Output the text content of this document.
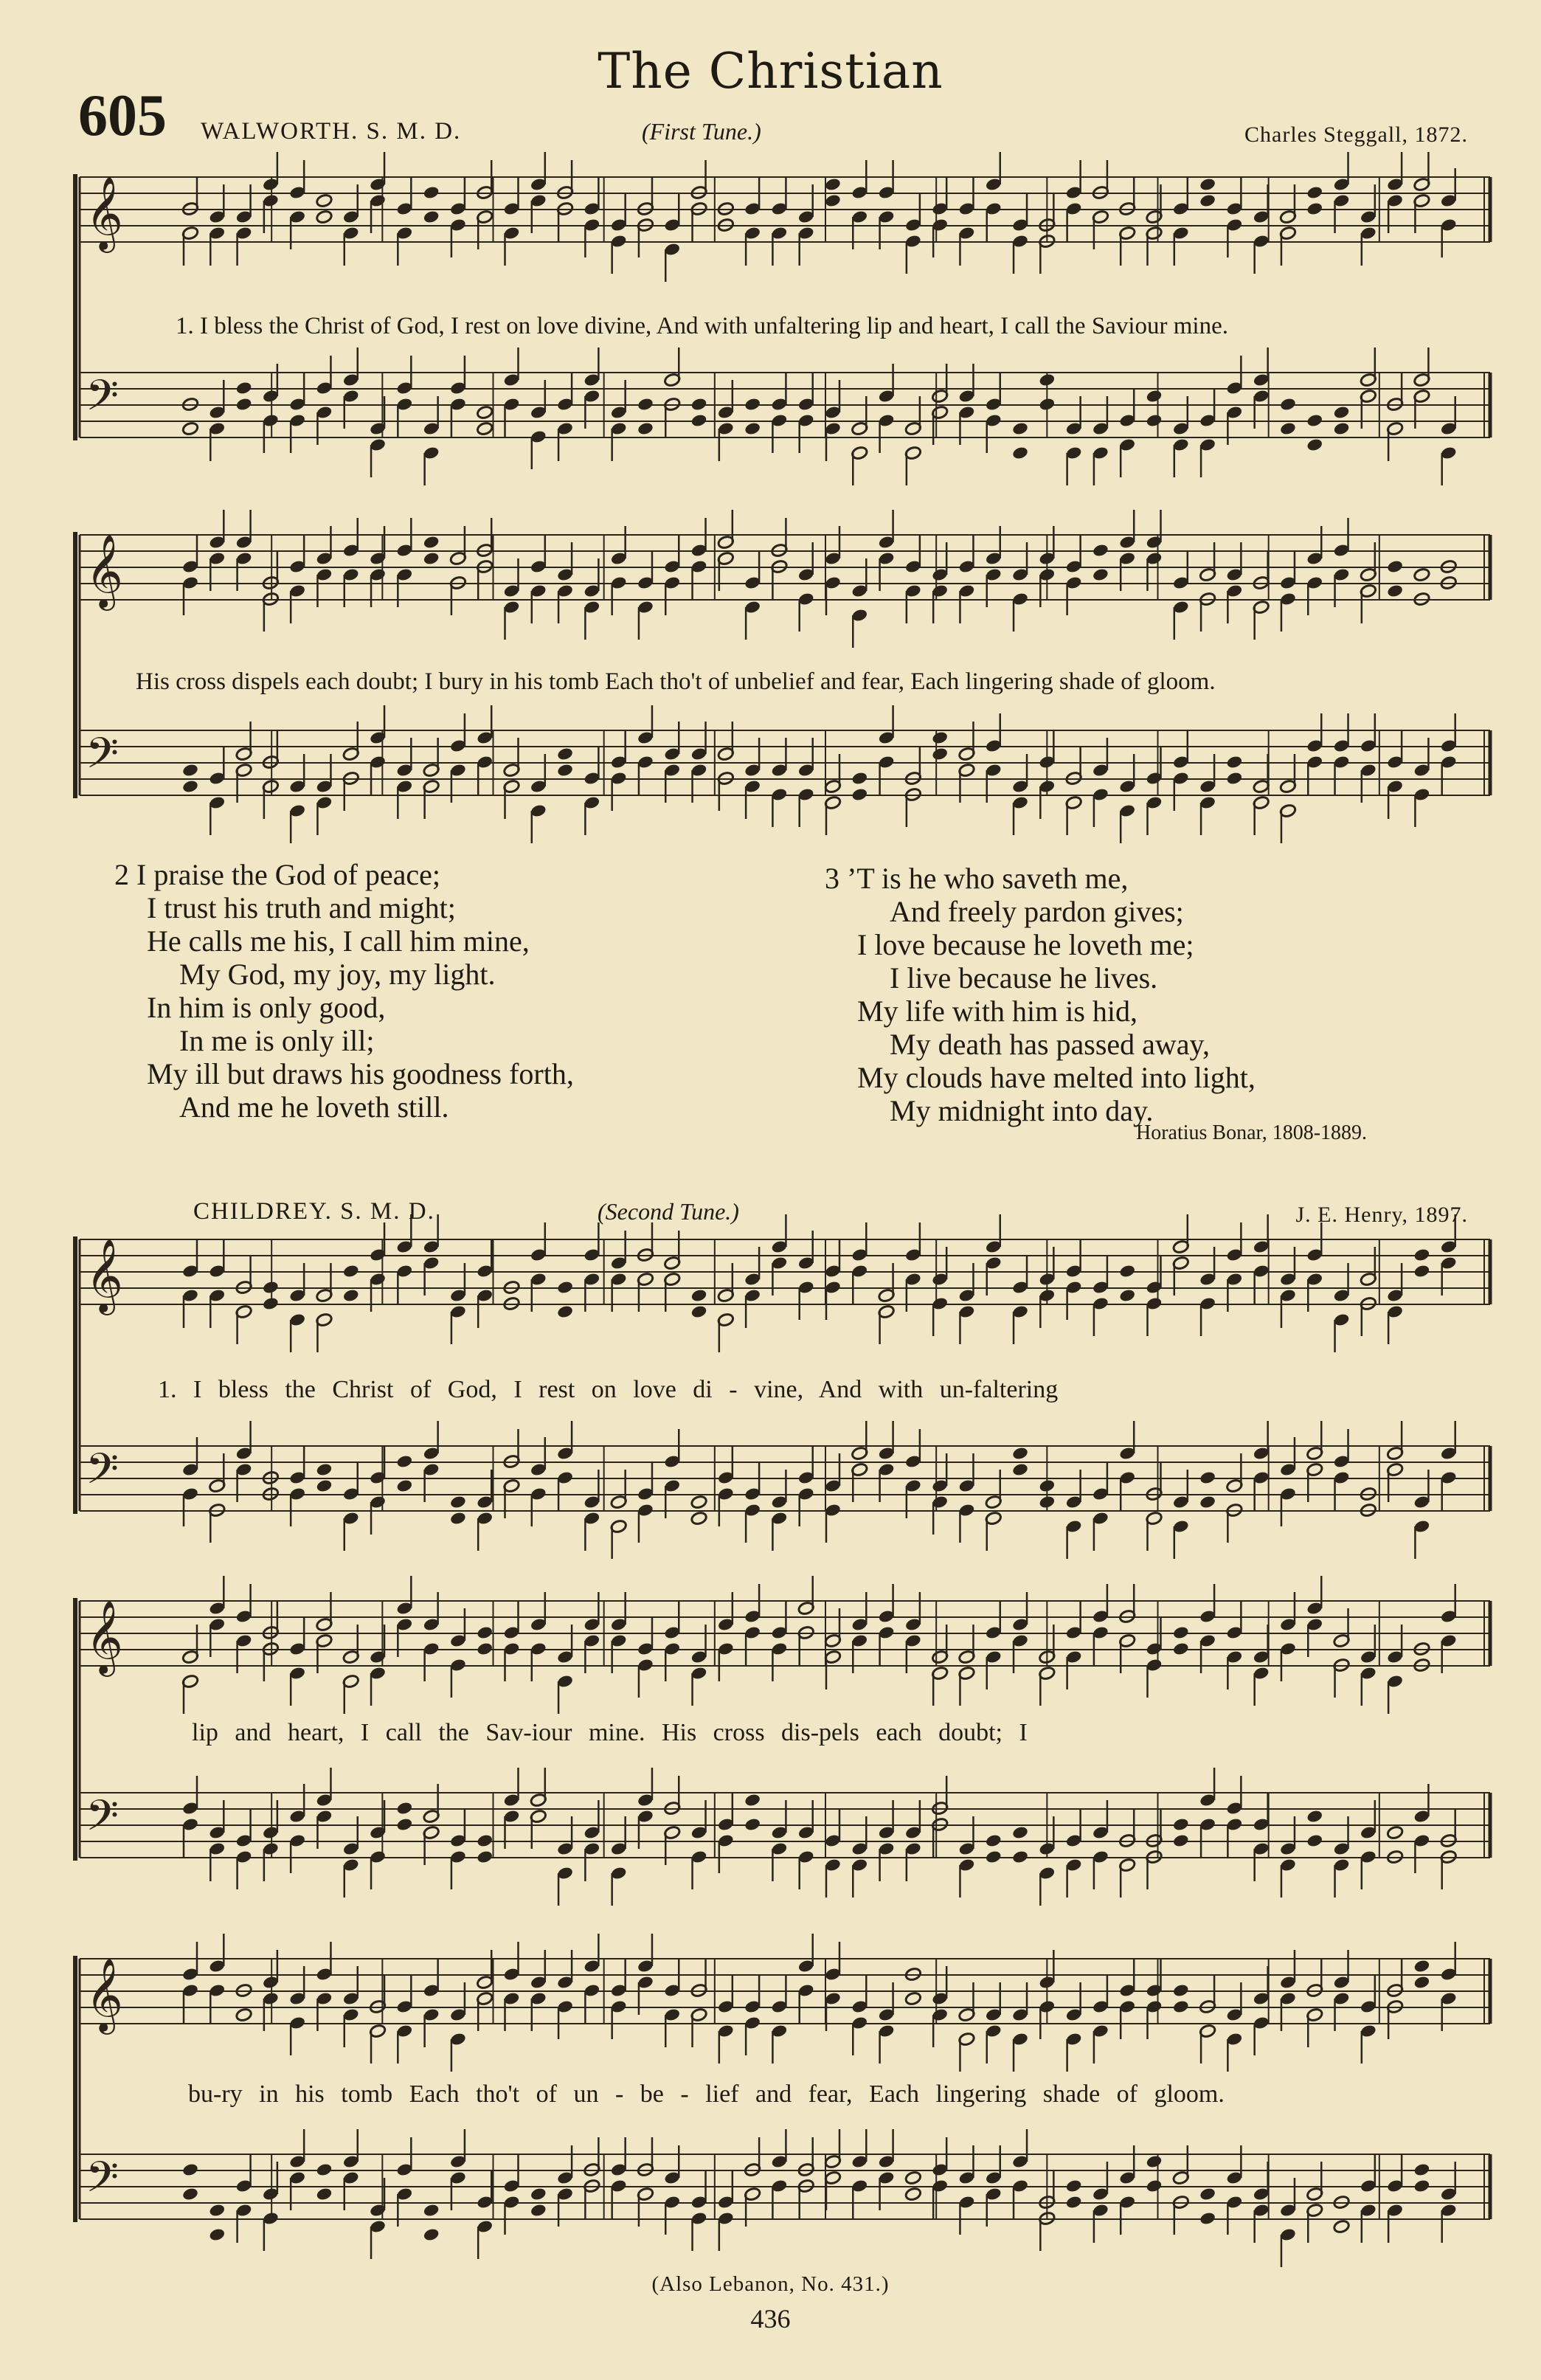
The Christian
605 WALWORTH. S. M. D.	(First Tune.)	Charles Steggall, 1872.
𝄞
𝄢
𝄞
𝄢
𝄞
𝄢
𝄞
𝄢
𝄞
𝄢
1. I bless the Christ of God, I rest on love divine, And with unfaltering lip and heart, I call the Saviour mine.
His cross dispels each doubt; I bury in his tomb Each tho't of unbelief and fear, Each lingering shade of gloom.
2 I praise the God of peace;
I trust his truth and might;
He calls me his, I call him mine,
My God, my joy, my light.
In him is only good,
In me is only ill;
My ill but draws his goodness forth,
And me he loveth still.
3 ’T is he who saveth me,
And freely pardon gives;
I love because he loveth me;
I live because he lives.
My life with him is hid,
My death has passed away,
My clouds have melted into light,
My midnight into day.
Horatius Bonar, 1808-1889.
CHILDREY. S. M. D.	(Second Tune.)	J. E. Henry, 1897.
1. I bless the Christ of God, I rest on love di - vine, And with un-faltering
lip and heart, I call the Sav-iour mine. His cross dis-pels each doubt; I
bu-ry in his tomb Each tho't of un - be - lief and fear, Each lingering shade of gloom.
(Also Lebanon, No. 431.)
436
